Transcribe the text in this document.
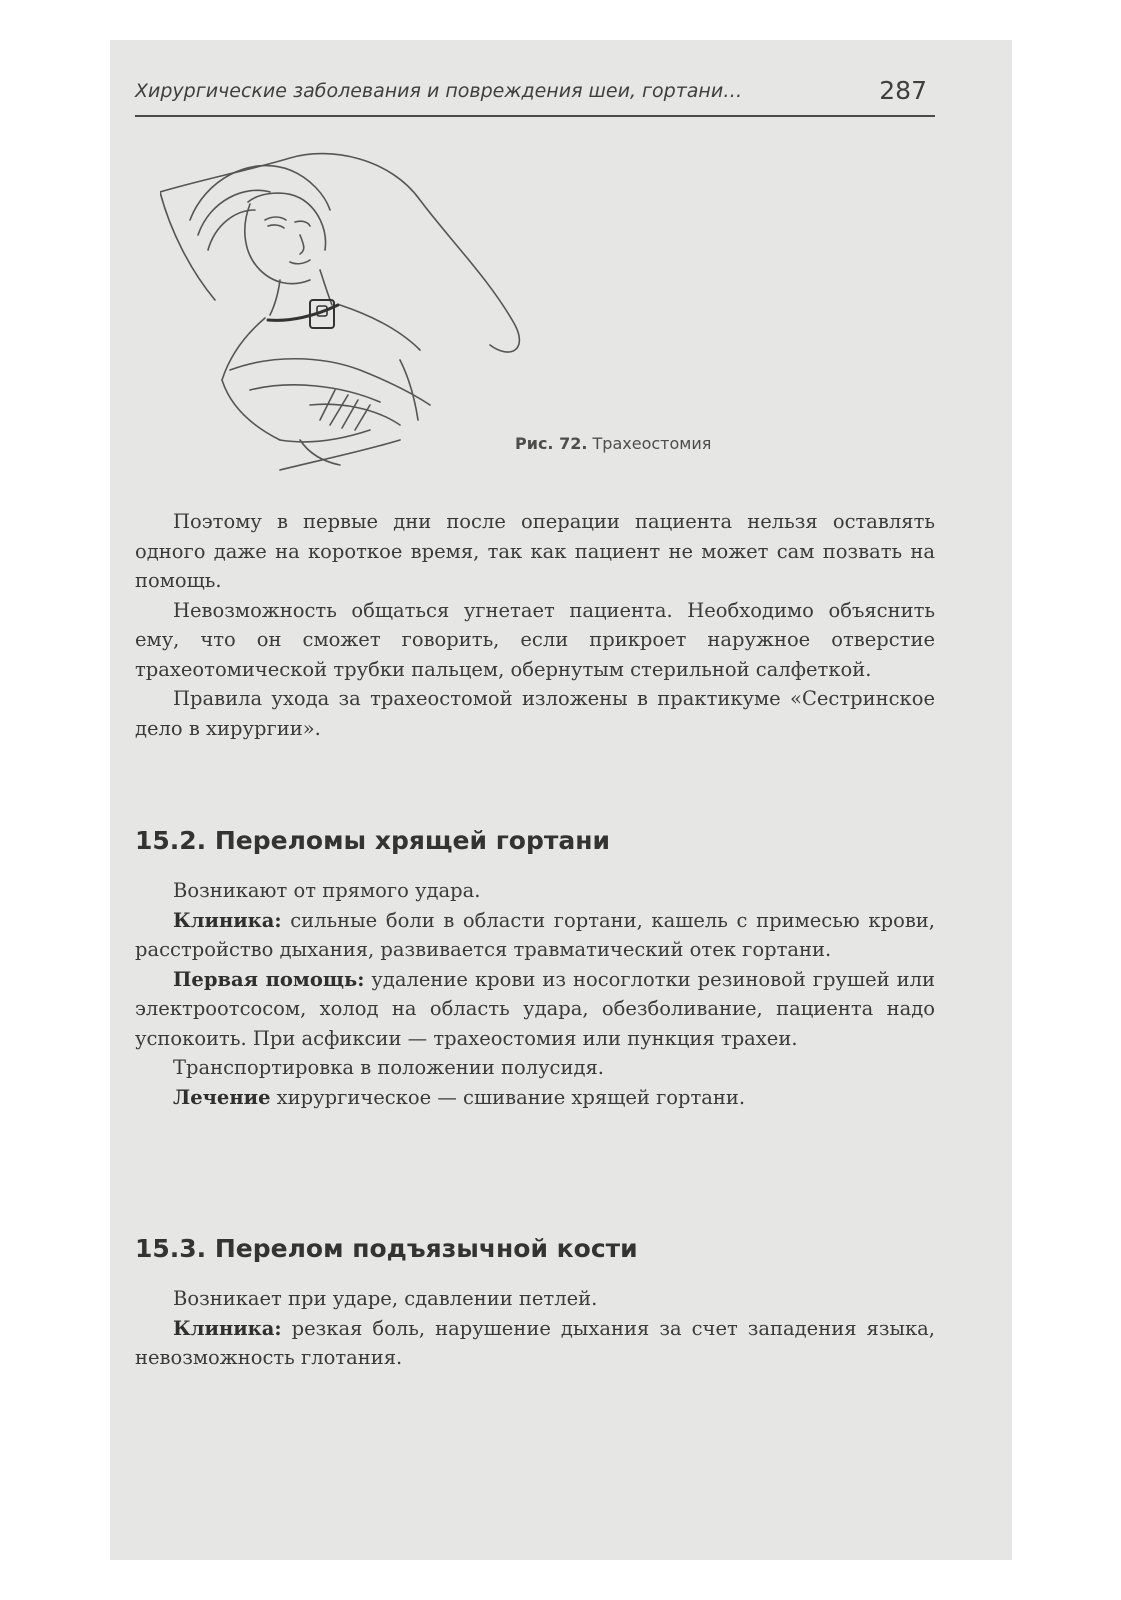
Хирургические заболевания и повреждения шеи, гортани…	287
Рис. 72. Трахеостомия

Поэтому в первые дни после операции пациента нельзя оставлять одного даже на короткое время, так как пациент не может сам позвать на помощь.

Невозможность общаться угнетает пациента. Необходимо объяснить ему, что он сможет говорить, если прикроет наружное отверстие трахеотомической трубки пальцем, обернутым стерильной салфеткой.

Правила ухода за трахеостомой изложены в практикуме «Сестринское дело в хирургии».

15.2. Переломы хрящей гортани

Возникают от прямого удара.

Клиника: сильные боли в области гортани, кашель с примесью крови, расстройство дыхания, развивается травматический отек гортани.

Первая помощь: удаление крови из носоглотки резиновой грушей или электроотсосом, холод на область удара, обезболивание, пациента надо успокоить. При асфиксии — трахеостомия или пункция трахеи.

Транспортировка в положении полусидя.

Лечение хирургическое — сшивание хрящей гортани.

15.3. Перелом подъязычной кости

Возникает при ударе, сдавлении петлей.

Клиника: резкая боль, нарушение дыхания за счет западения языка, невозможность глотания.
